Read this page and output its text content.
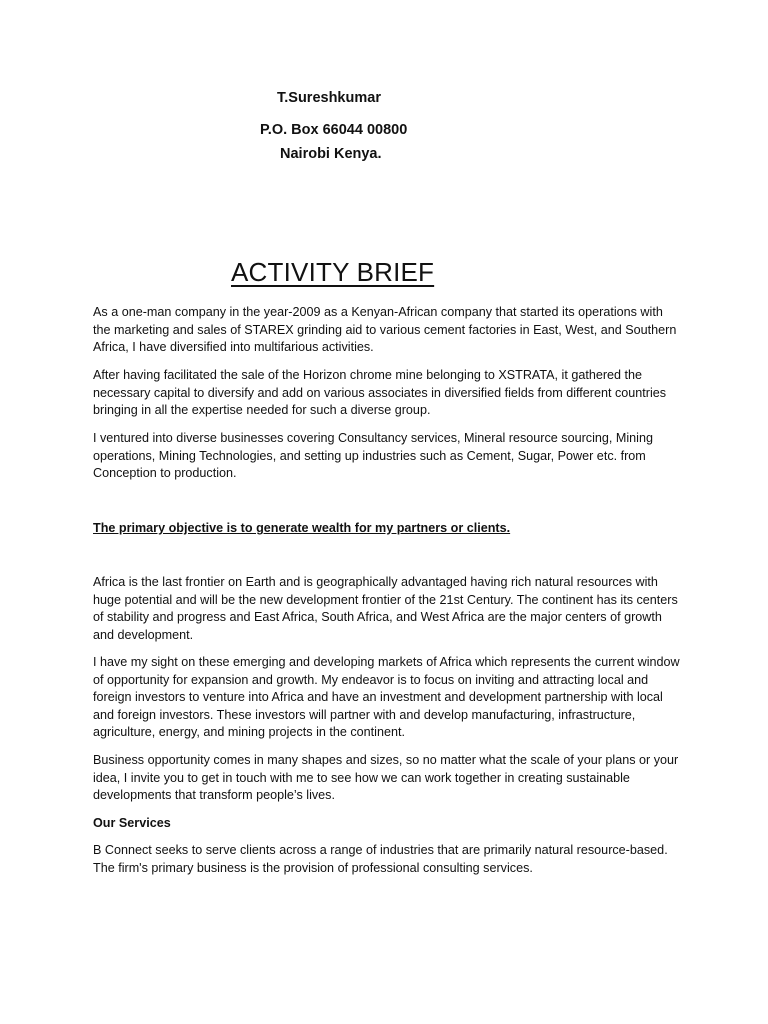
T.Sureshkumar
P.O. Box 66044 00800
Nairobi Kenya.
ACTIVITY BRIEF

As a one-man company in the year-2009 as a Kenyan-African company that started its operations with the marketing and sales of STAREX grinding aid to various cement factories in East, West, and Southern Africa, I have diversified into multifarious activities.

After having facilitated the sale of the Horizon chrome mine belonging to XSTRATA, it gathered the necessary capital to diversify and add on various associates in diversified fields from different countries bringing in all the expertise needed for such a diverse group.

I ventured into diverse businesses covering Consultancy services, Mineral resource sourcing, Mining operations, Mining Technologies, and setting up industries such as Cement, Sugar, Power etc. from Conception to production.

The primary objective is to generate wealth for my partners or clients.

Africa is the last frontier on Earth and is geographically advantaged having rich natural resources with huge potential and will be the new development frontier of the 21st Century. The continent has its centers of stability and progress and East Africa, South Africa, and West Africa are the major centers of growth and development.

I have my sight on these emerging and developing markets of Africa which represents the current window of opportunity for expansion and growth. My endeavor is to focus on inviting and attracting local and foreign investors to venture into Africa and have an investment and development partnership with local and foreign investors. These investors will partner with and develop manufacturing, infrastructure, agriculture, energy, and mining projects in the continent.

Business opportunity comes in many shapes and sizes, so no matter what the scale of your plans or your idea, I invite you to get in touch with me to see how we can work together in creating sustainable developments that transform people’s lives.

Our Services

B Connect seeks to serve clients across a range of industries that are primarily natural resource-based. The firm's primary business is the provision of professional consulting services.
